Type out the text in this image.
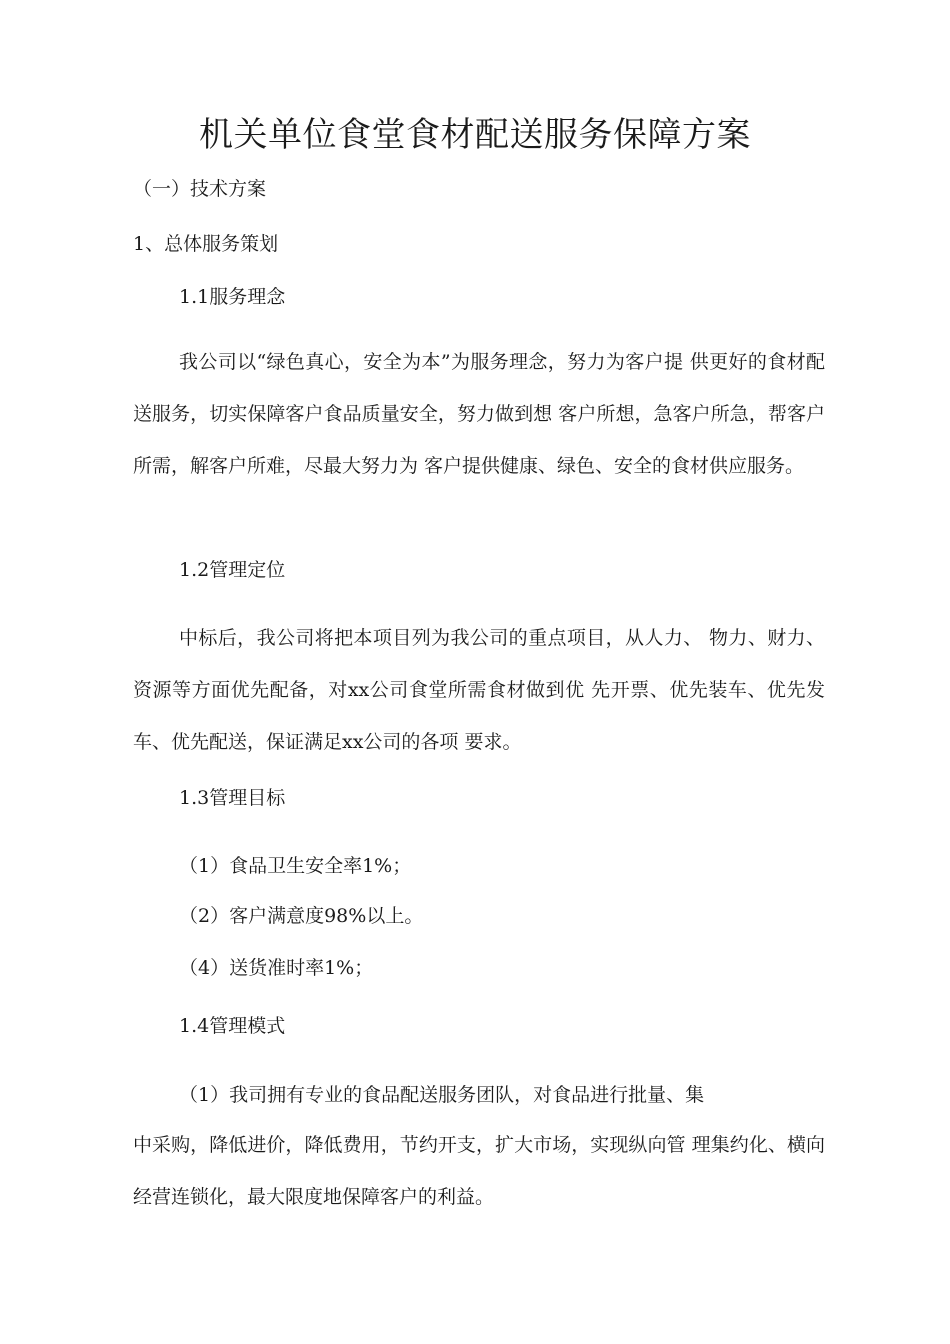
机关单位食堂食材配送服务保障方案

（一）技术方案

1、总体服务策划

1.1服务理念

我公司以“绿色真心，安全为本”为服务理念，努力为客户提 供更好的食材配送服务，切实保障客户食品质量安全，努力做到想 客户所想，急客户所急，帮客户所需，解客户所难，尽最大努力为 客户提供健康、绿色、安全的食材供应服务。

1.2管理定位

中标后，我公司将把本项目列为我公司的重点项目，从人力、 物力、财力、资源等方面优先配备，对xx公司食堂所需食材做到优 先开票、优先装车、优先发车、优先配送，保证满足xx公司的各项 要求。

1.3管理目标

（1）食品卫生安全率1%；

（2）客户满意度98%以上。

（4）送货准时率1%；

1.4管理模式

（1）我司拥有专业的食品配送服务团队，对食品进行批量、集

中采购，降低进价，降低费用，节约开支，扩大市场，实现纵向管 理集约化、横向经营连锁化，最大限度地保障客户的利益。
